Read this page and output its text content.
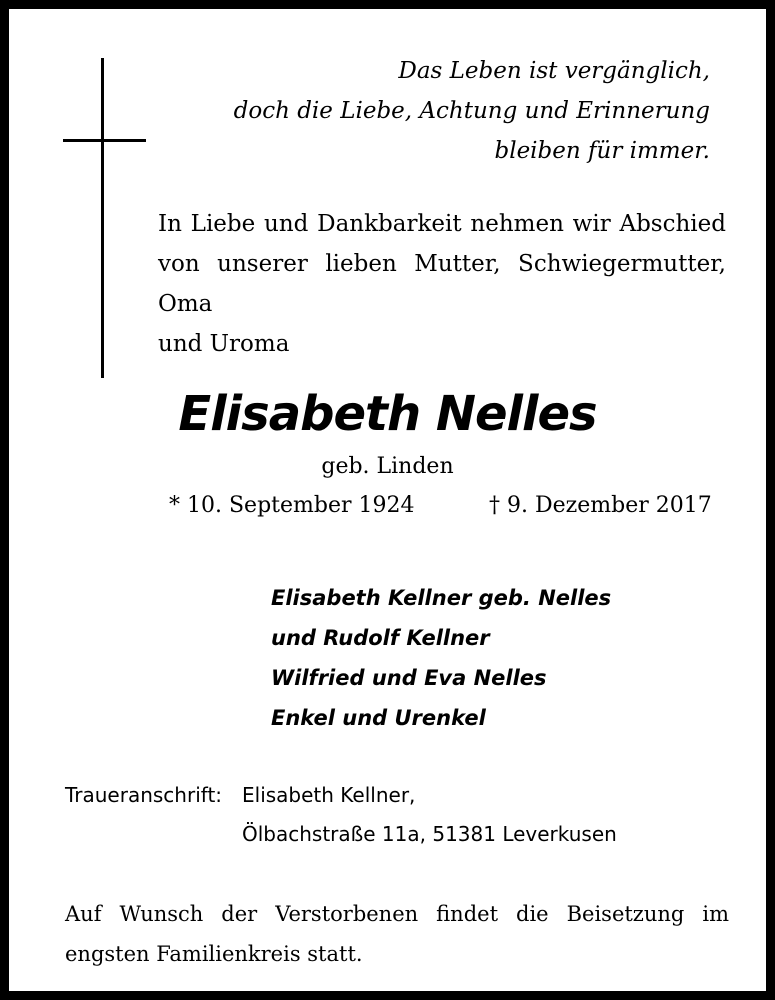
Das Leben ist vergänglich,
doch die Liebe, Achtung und Erinnerung
bleiben für immer.
In Liebe und Dankbarkeit nehmen wir Abschied
von unserer lieben Mutter, Schwiegermutter, Oma
und Uroma
Elisabeth Nelles
geb. Linden
* 10. September 1924	† 9. Dezember 2017
Elisabeth Kellner geb. Nelles
und Rudolf Kellner
Wilfried und Eva Nelles
Enkel und Urenkel
Traueranschrift: Elisabeth Kellner,
Ölbachstraße 11a, 51381 Leverkusen
Auf Wunsch der Verstorbenen findet die Beisetzung im
engsten Familienkreis statt.
